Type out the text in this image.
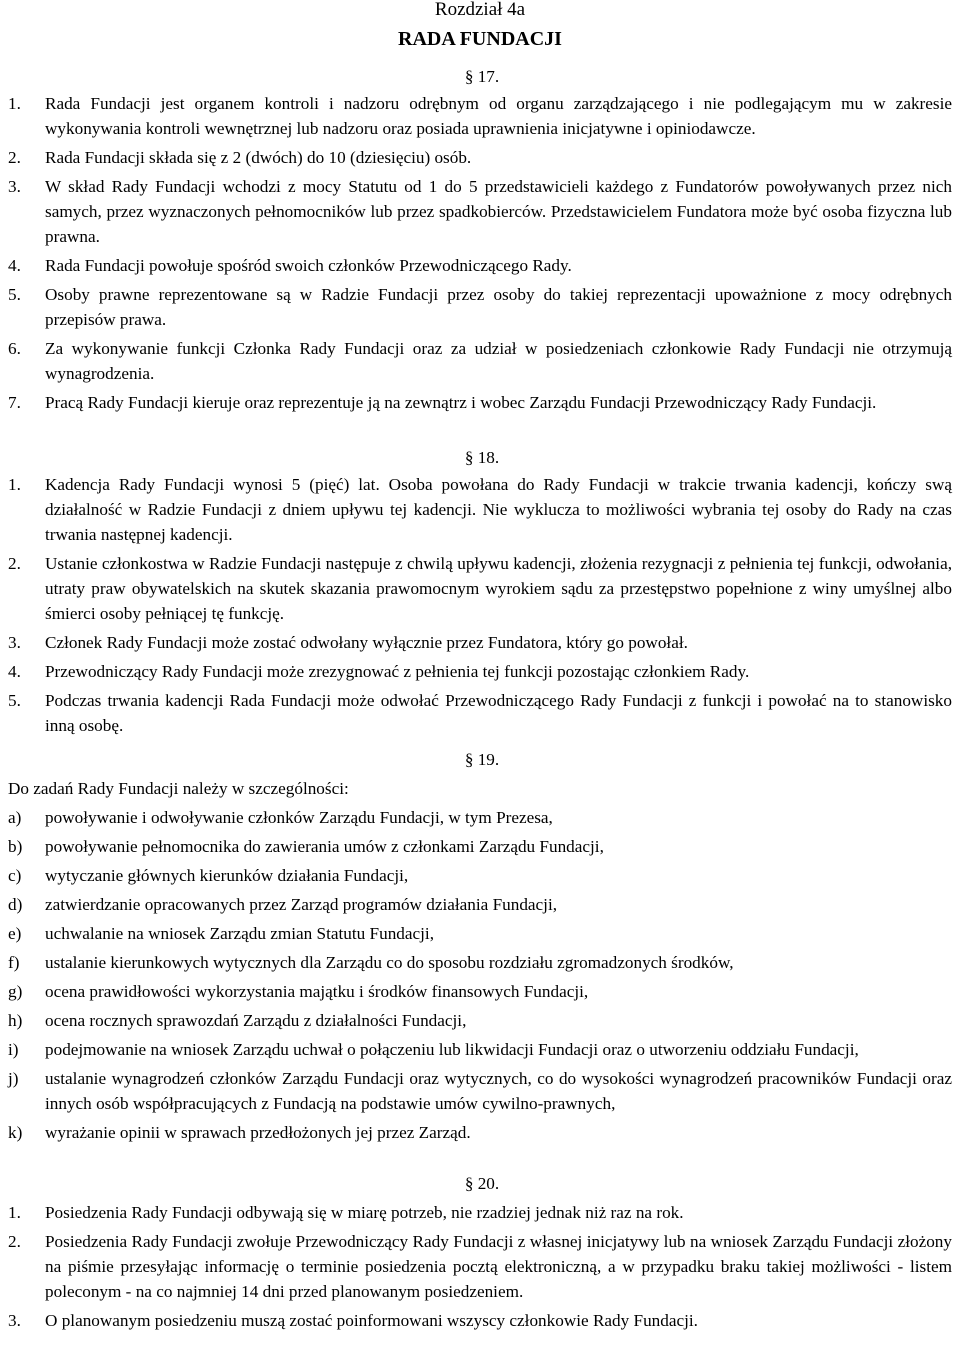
Rozdział 4a
RADA FUNDACJI
§ 17.
1.	Rada Fundacji jest organem kontroli i nadzoru odrębnym od organu zarządzającego i nie podlegającym mu w zakresie wykonywania kontroli wewnętrznej lub nadzoru oraz posiada uprawnienia inicjatywne i opiniodawcze.
2.	Rada Fundacji składa się z 2 (dwóch) do 10 (dziesięciu) osób.
3.	W skład Rady Fundacji wchodzi z mocy Statutu od 1 do 5 przedstawicieli każdego z Fundatorów powoływanych przez nich samych, przez wyznaczonych pełnomocników lub przez spadkobierców. Przedstawicielem Fundatora może być osoba fizyczna lub prawna.
4.	Rada Fundacji powołuje spośród swoich członków Przewodniczącego Rady.
5.	Osoby prawne reprezentowane są w Radzie Fundacji przez osoby do takiej reprezentacji upoważnione z mocy odrębnych przepisów prawa.
6.	Za wykonywanie funkcji Członka Rady Fundacji oraz za udział w posiedzeniach członkowie Rady Fundacji nie otrzymują wynagrodzenia.
7.	Pracą Rady Fundacji kieruje oraz reprezentuje ją na zewnątrz i wobec Zarządu Fundacji Przewodniczący Rady Fundacji.
§ 18.
1.	Kadencja Rady Fundacji wynosi 5 (pięć) lat. Osoba powołana do Rady Fundacji w trakcie trwania kadencji, kończy swą działalność w Radzie Fundacji z dniem upływu tej kadencji. Nie wyklucza to możliwości wybrania tej osoby do Rady na czas trwania następnej kadencji.
2.	Ustanie członkostwa w Radzie Fundacji następuje z chwilą upływu kadencji, złożenia rezygnacji z pełnienia tej funkcji, odwołania, utraty praw obywatelskich na skutek skazania prawomocnym wyrokiem sądu za przestępstwo popełnione z winy umyślnej albo śmierci osoby pełniącej tę funkcję.
3.	Członek Rady Fundacji może zostać odwołany wyłącznie przez Fundatora, który go powołał.
4.	Przewodniczący Rady Fundacji może zrezygnować z pełnienia tej funkcji pozostając członkiem Rady.
5.	Podczas trwania kadencji Rada Fundacji może odwołać Przewodniczącego Rady Fundacji z funkcji i powołać na to stanowisko inną osobę.
§ 19.

Do zadań Rady Fundacji należy w szczególności:

a)	powoływanie i odwoływanie członków Zarządu Fundacji, w tym Prezesa,
b)	powoływanie pełnomocnika do zawierania umów z członkami Zarządu Fundacji,
c)	wytyczanie głównych kierunków działania Fundacji,
d)	zatwierdzanie opracowanych przez Zarząd programów działania Fundacji,
e)	uchwalanie na wniosek Zarządu zmian Statutu Fundacji,
f)	ustalanie kierunkowych wytycznych dla Zarządu co do sposobu rozdziału zgromadzonych środków,
g)	ocena prawidłowości wykorzystania majątku i środków finansowych Fundacji,
h)	ocena rocznych sprawozdań Zarządu z działalności Fundacji,
i)	podejmowanie na wniosek Zarządu uchwał o połączeniu lub likwidacji Fundacji oraz o utworzeniu oddziału Fundacji,
j)	ustalanie wynagrodzeń członków Zarządu Fundacji oraz wytycznych, co do wysokości wynagrodzeń pracowników Fundacji oraz innych osób współpracujących z Fundacją na podstawie umów cywilno-prawnych,
k)	wyrażanie opinii w sprawach przedłożonych jej przez Zarząd.
§ 20.
1.	Posiedzenia Rady Fundacji odbywają się w miarę potrzeb, nie rzadziej jednak niż raz na rok.
2.	Posiedzenia Rady Fundacji zwołuje Przewodniczący Rady Fundacji z własnej inicjatywy lub na wniosek Zarządu Fundacji złożony na piśmie przesyłając informację o terminie posiedzenia pocztą elektroniczną, a w przypadku braku takiej możliwości - listem poleconym - na co najmniej 14 dni przed planowanym posiedzeniem.
3.	O planowanym posiedzeniu muszą zostać poinformowani wszyscy członkowie Rady Fundacji.
